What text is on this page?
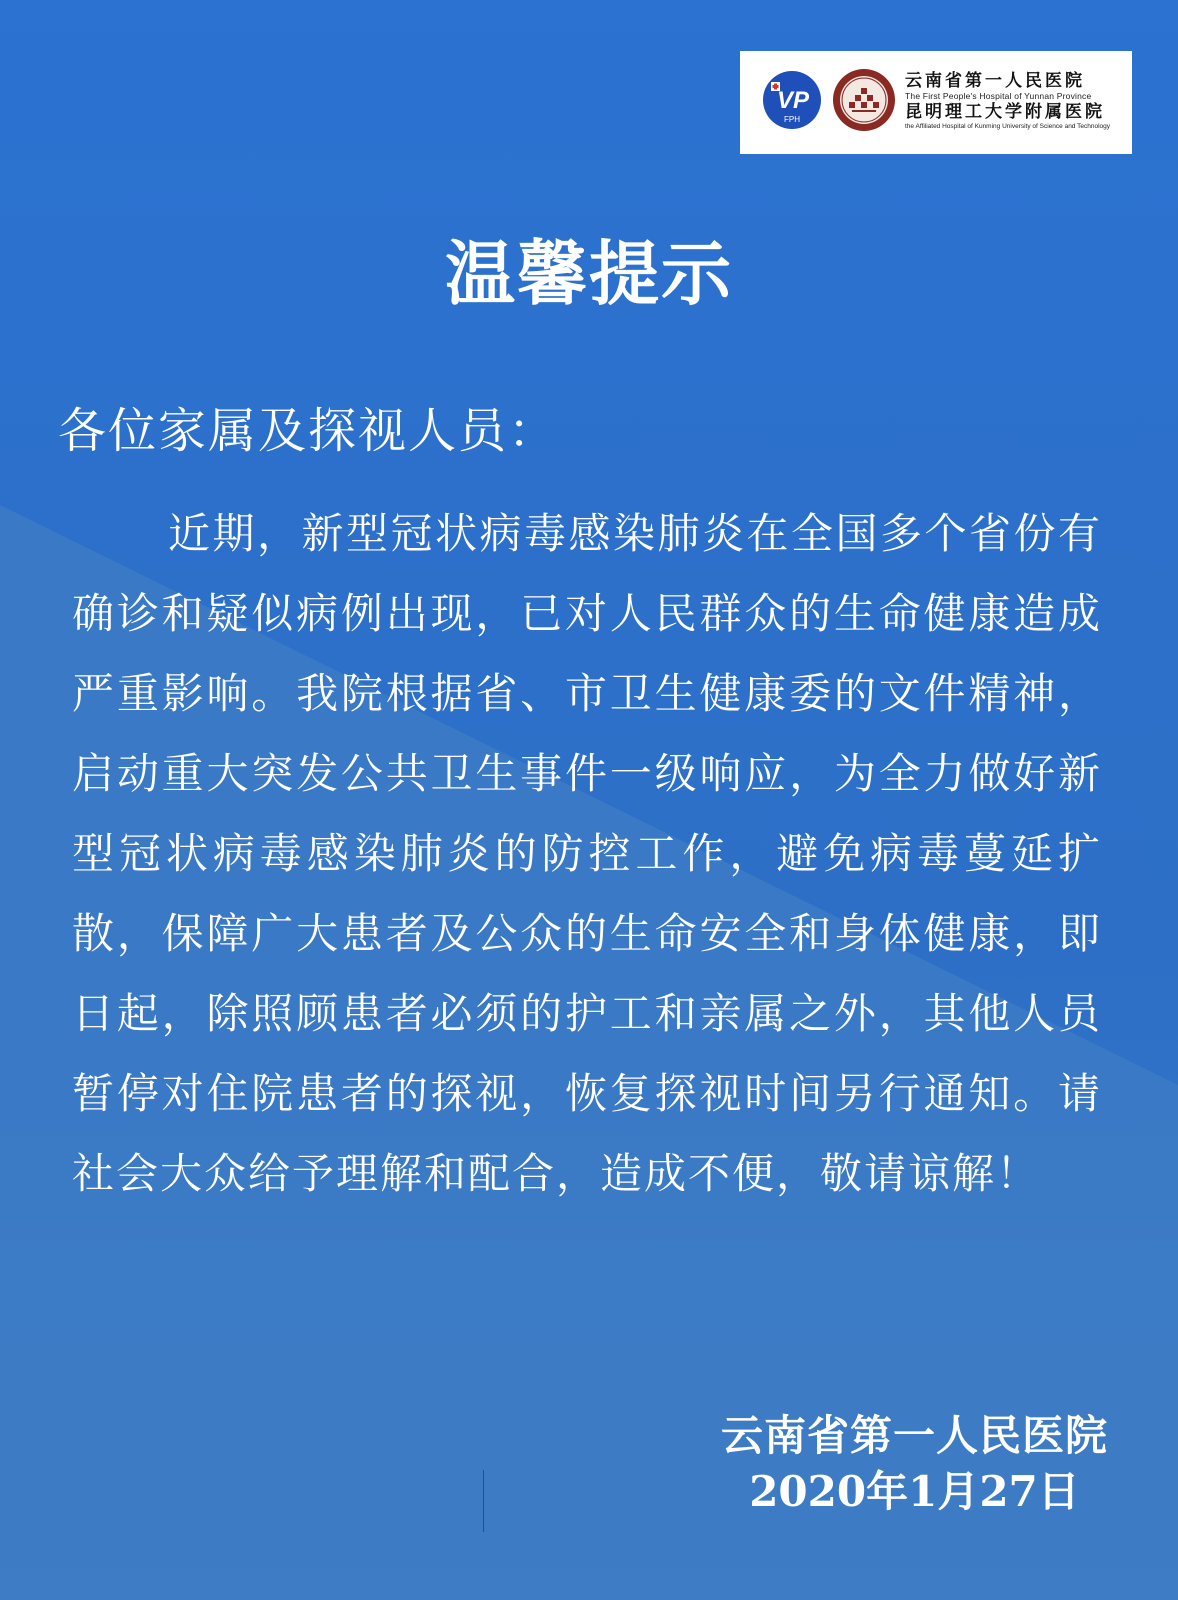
VP
FPH
云南省第一人民医院
The First People's Hospital of Yunnan Province
昆明理工大学附属医院
the Affiliated Hospital of Kunming University of Science and Technology
温馨提示
各位家属及探视人员：
近期，新型冠状病毒感染肺炎在全国多个省份有确诊和疑似病例出现，已对人民群众的生命健康造成严重影响。我院根据省、市卫生健康委的文件精神，启动重大突发公共卫生事件一级响应，为全力做好新型冠状病毒感染肺炎的防控工作，避免病毒蔓延扩散，保障广大患者及公众的生命安全和身体健康，即日起，除照顾患者必须的护工和亲属之外，其他人员暂停对住院患者的探视，恢复探视时间另行通知。请社会大众给予理解和配合，造成不便，敬请谅解！
云南省第一人民医院
2020年1月27日
